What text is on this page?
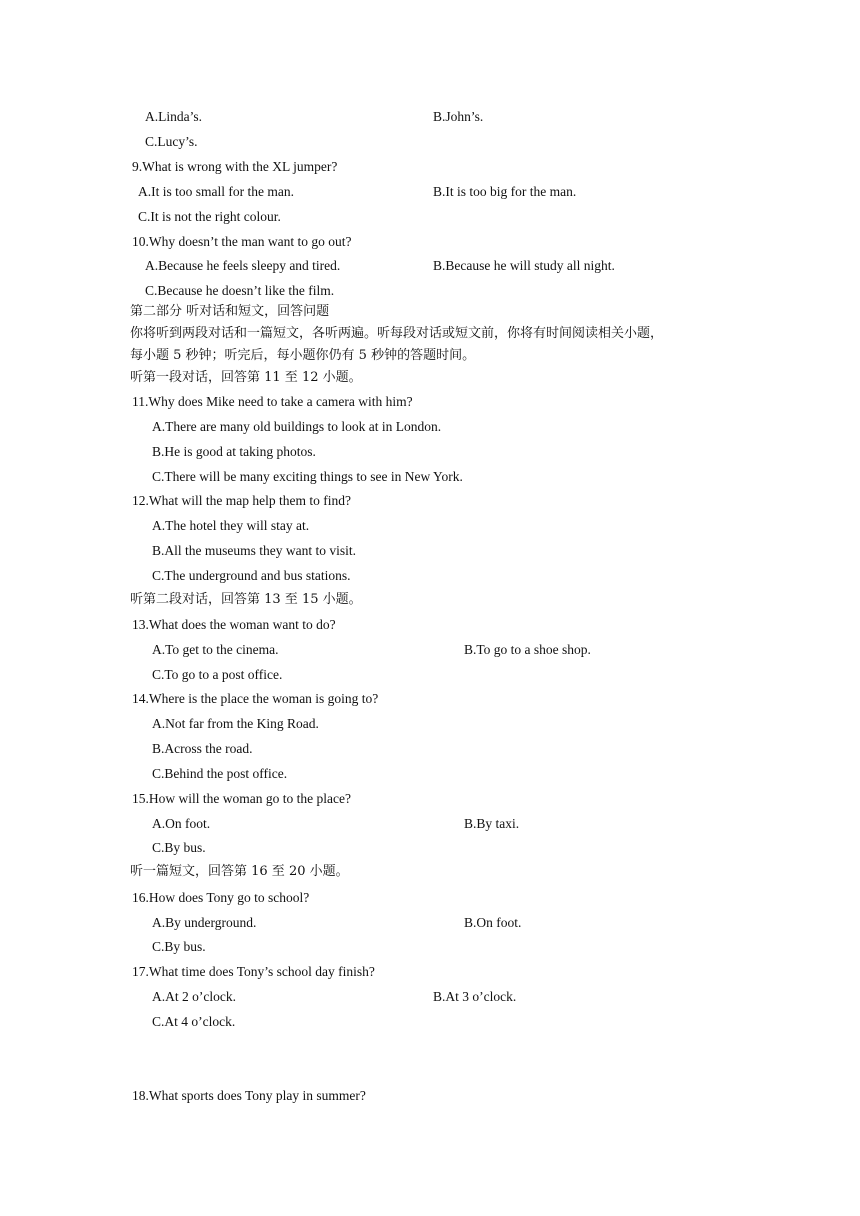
A.Linda’s.	B.John’s.
C.Lucy’s.
9.What is wrong with the XL jumper?
A.It is too small for the man.	B.It is too big for the man.
C.It is not the right colour.
10.Why doesn’t the man want to go out?
A.Because he feels sleepy and tired.	B.Because he will study all night.
C.Because he doesn’t like the film.
第二部分 听对话和短文，回答问题
你将听到两段对话和一篇短文，各听两遍。听每段对话或短文前，你将有时间阅读相关小题，
每小题 5 秒钟；听完后，每小题你仍有 5 秒钟的答题时间。
听第一段对话，回答第 11 至 12 小题。
11.Why does Mike need to take a camera with him?
A.There are many old buildings to look at in London.
B.He is good at taking photos.
C.There will be many exciting things to see in New York.
12.What will the map help them to find?
A.The hotel they will stay at.
B.All the museums they want to visit.
C.The underground and bus stations.
听第二段对话，回答第 13 至 15 小题。
13.What does the woman want to do?
A.To get to the cinema.	B.To go to a shoe shop.
C.To go to a post office.
14.Where is the place the woman is going to?
A.Not far from the King Road.
B.Across the road.
C.Behind the post office.
15.How will the woman go to the place?
A.On foot.	B.By taxi.
C.By bus.
听一篇短文，回答第 16 至 20 小题。
16.How does Tony go to school?
A.By underground.	B.On foot.
C.By bus.
17.What time does Tony’s school day finish?
A.At 2 o’clock.	B.At 3 o’clock.
C.At 4 o’clock.
18.What sports does Tony play in summer?
